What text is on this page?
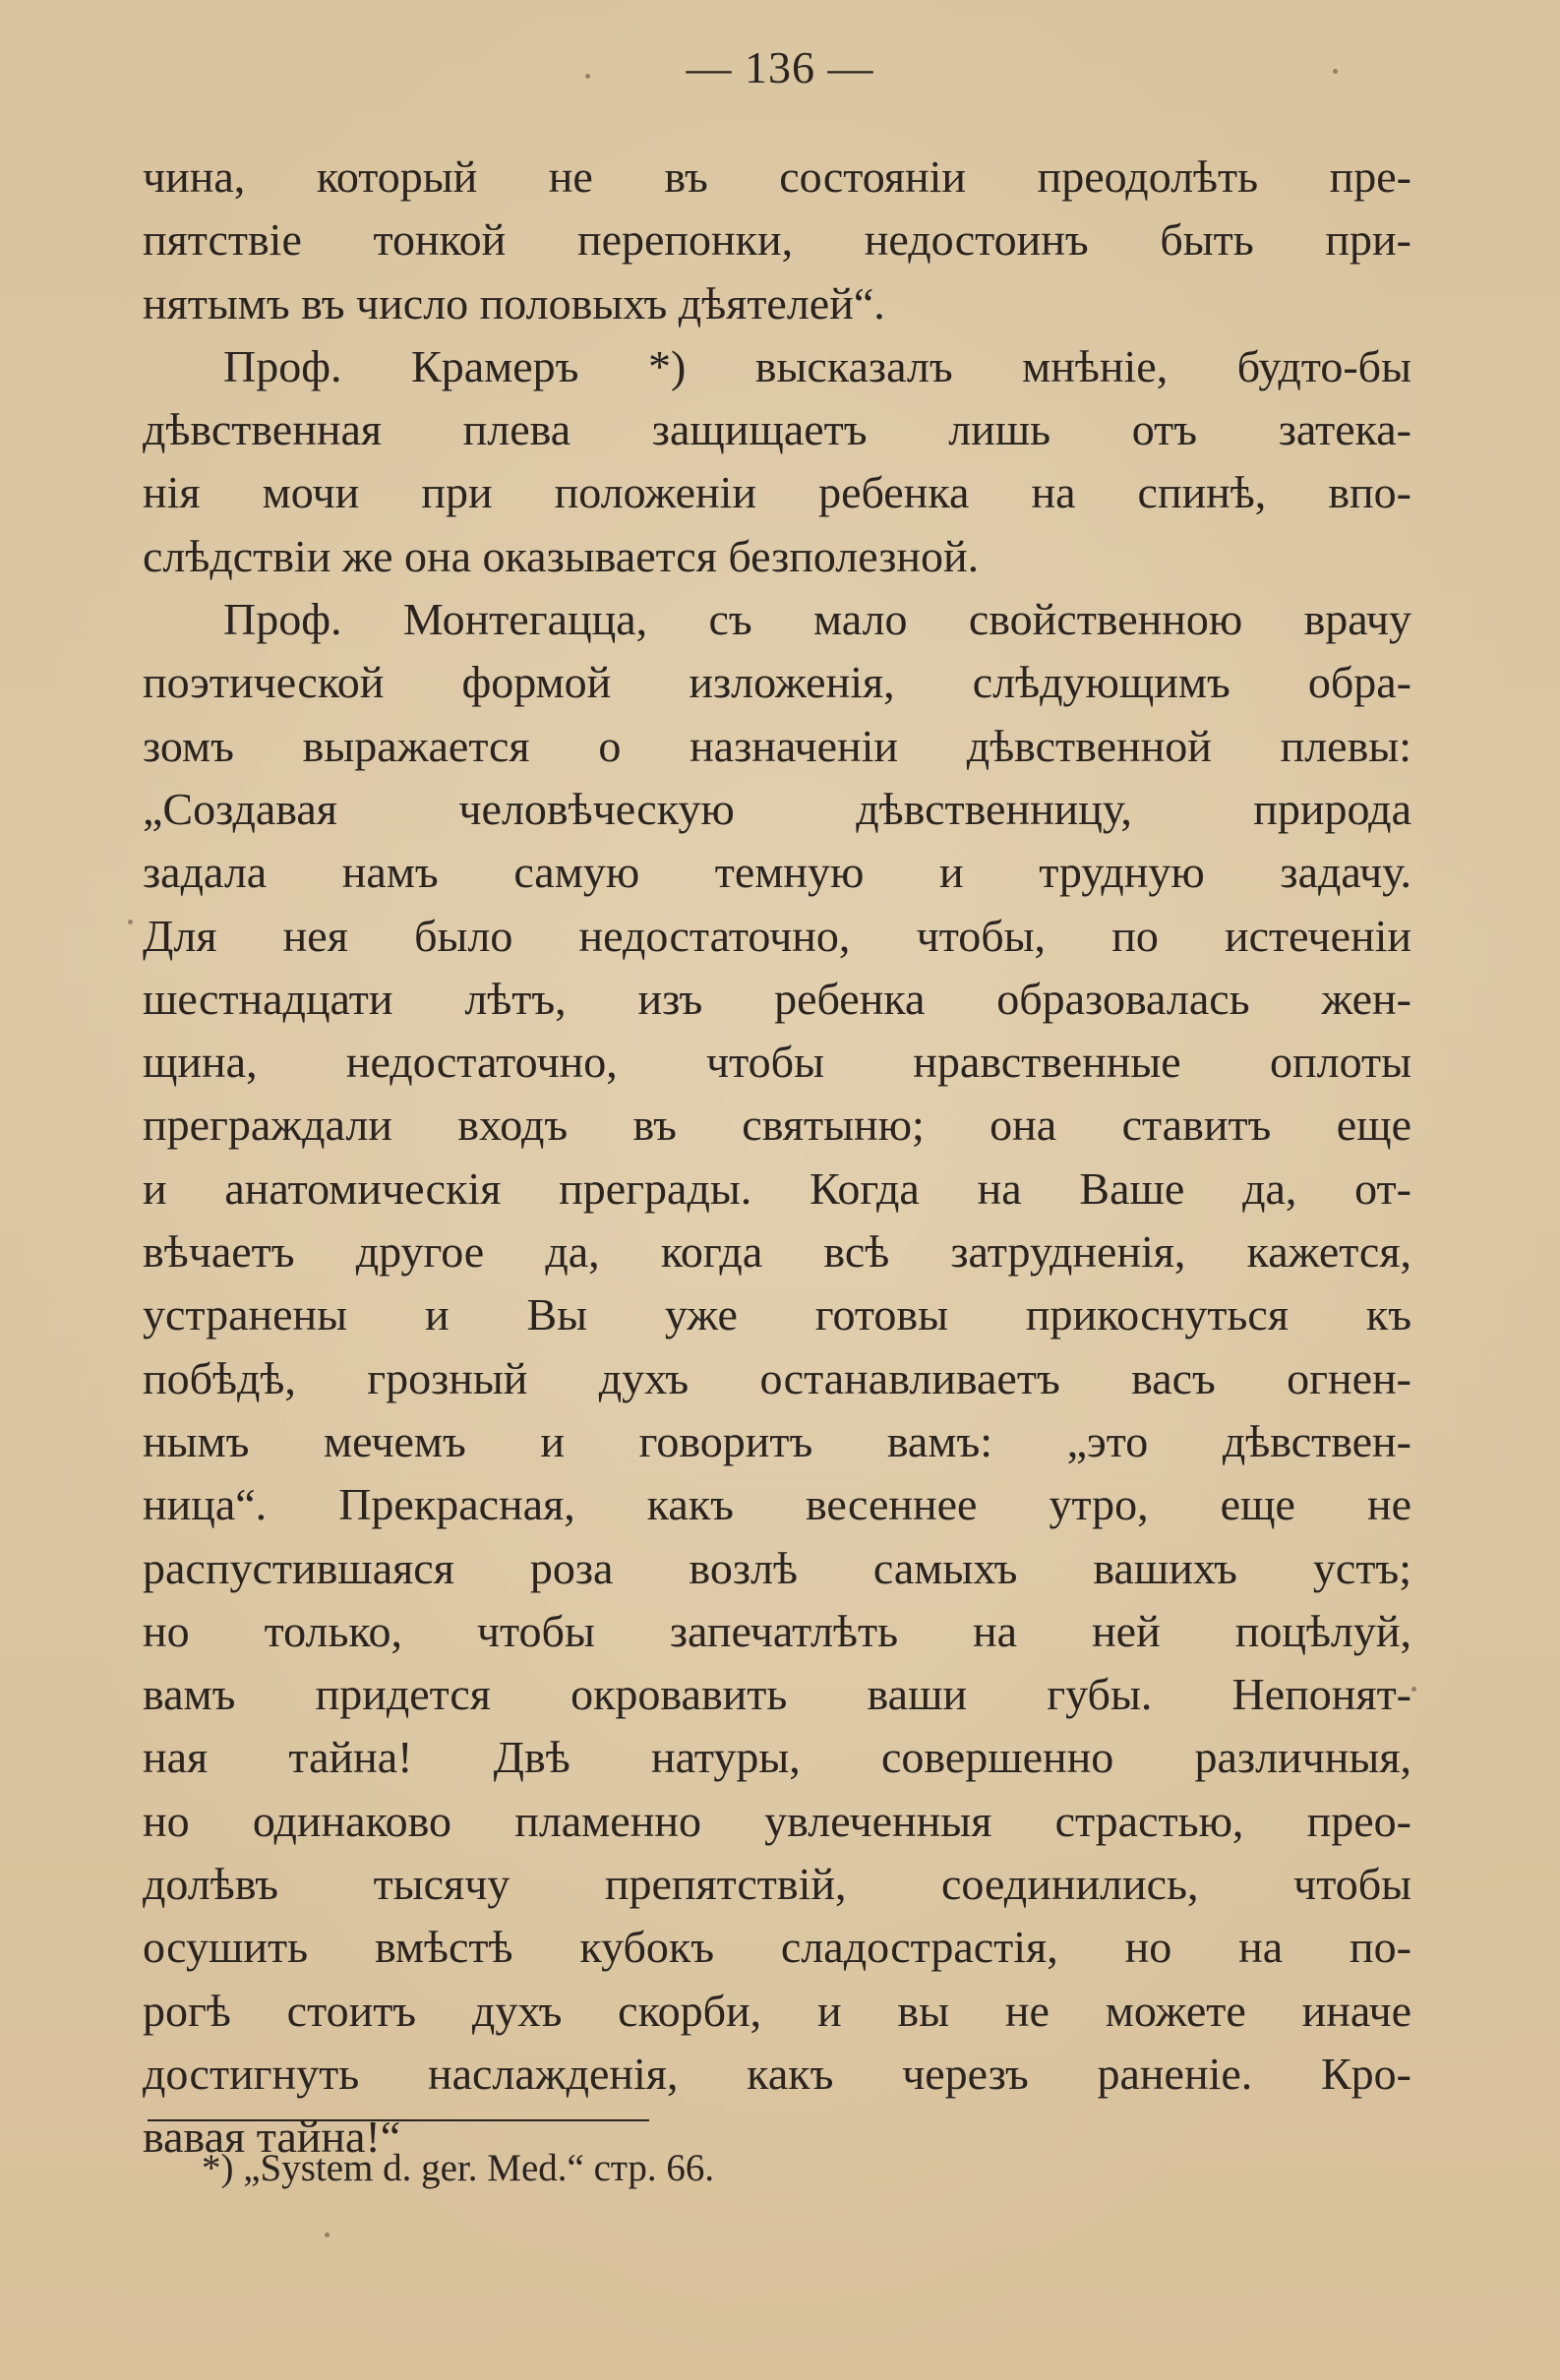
— 136 —
чина, который не въ состоянiи преодолѣть пре-
пятствiе тонкой перепонки, недостоинъ быть при-
нятымъ въ число половыхъ дѣятелей“.
Проф. Крамеръ *) высказалъ мнѣнiе, будто-бы
дѣвственная плева защищаетъ лишь отъ затека-
нiя мочи при положенiи ребенка на спинѣ, впо-
слѣдствiи же она оказывается безполезной.
Проф. Монтегацца, съ мало свойственною врачу
поэтической формой изложенiя, слѣдующимъ обра-
зомъ выражается о назначенiи дѣвственной плевы:
„Создавая человѣческую дѣвственницу, природа
задала намъ самую темную и трудную задачу.
Для нея было недостаточно, чтобы, по истеченiи
шестнадцати лѣтъ, изъ ребенка образовалась жен-
щина, недостаточно, чтобы нравственные оплоты
преграждали входъ въ святыню; она ставитъ еще
и анатомическiя преграды. Когда на Ваше да, от-
вѣчаетъ другое да, когда всѣ затрудненiя, кажется,
устранены и Вы уже готовы прикоснуться къ
побѣдѣ, грозный духъ останавливаетъ васъ огнен-
нымъ мечемъ и говоритъ вамъ: „это дѣвствен-
ница“. Прекрасная, какъ весеннее утро, еще не
распустившаяся роза возлѣ самыхъ вашихъ устъ;
но только, чтобы запечатлѣть на ней поцѣлуй,
вамъ придется окровавить ваши губы. Непонят-
ная тайна! Двѣ натуры, совершенно различныя,
но одинаково пламенно увлеченныя страстью, прео-
долѣвъ тысячу препятствiй, соединились, чтобы
осушить вмѣстѣ кубокъ сладострастiя, но на по-
рогѣ стоитъ духъ скорби, и вы не можете иначе
достигнуть наслажденiя, какъ черезъ раненiе. Кро-
вавая тайна!“
*) „System d. ger. Med.“ стр. 66.
